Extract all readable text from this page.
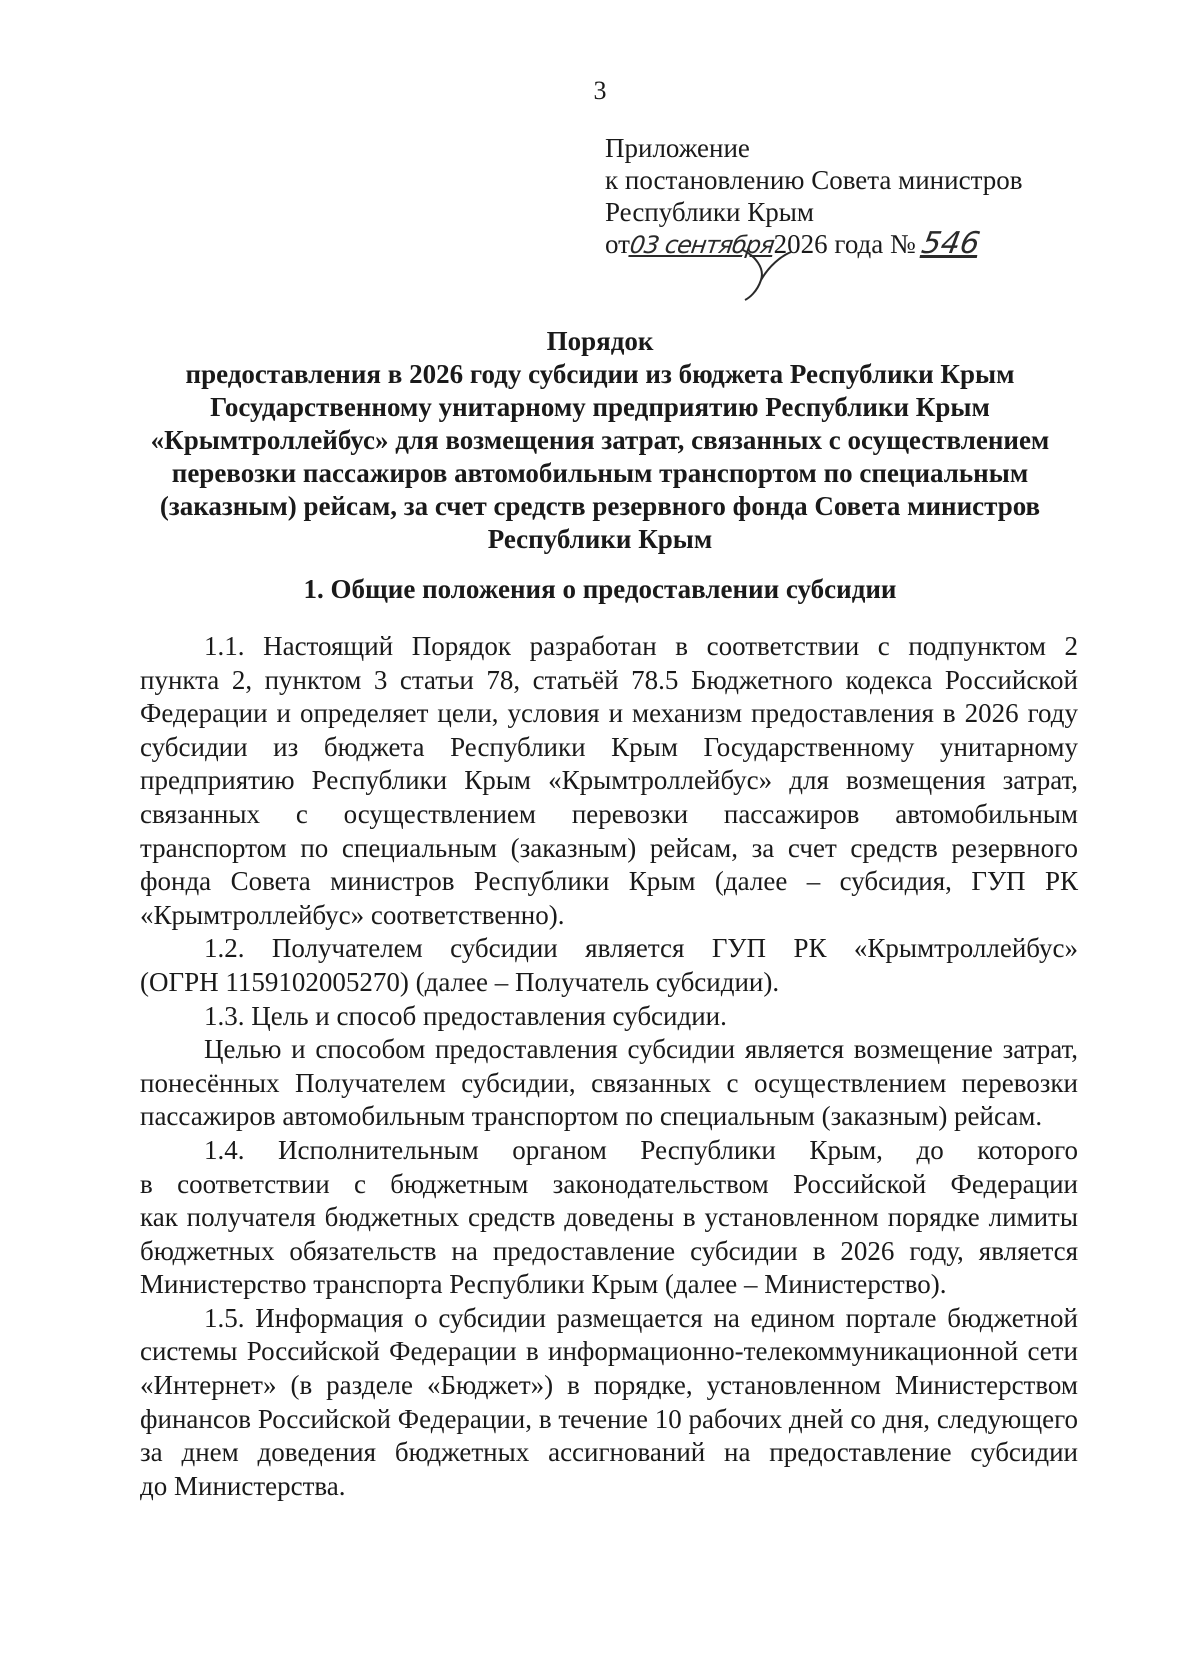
3
Приложение
к постановлению Совета министров
Республики Крым
от03 сентября2026 года № 546
Порядок
предоставления в 2026 году субсидии из бюджета Республики Крым
Государственному унитарному предприятию Республики Крым
«Крымтроллейбус» для возмещения затрат, связанных с осуществлением
перевозки пассажиров автомобильным транспортом по специальным
(заказным) рейсам, за счет средств резервного фонда Совета министров
Республики Крым
1. Общие положения о предоставлении субсидии

1.1. Настоящий Порядок разработан в соответствии с подпунктом 2
пункта 2, пунктом 3 статьи 78, статьёй 78.5 Бюджетного кодекса Российской
Федерации и определяет цели, условия и механизм предоставления в 2026 году
субсидии из бюджета Республики Крым Государственному унитарному
предприятию Республики Крым «Крымтроллейбус» для возмещения затрат,
связанных с осуществлением перевозки пассажиров автомобильным
транспортом по специальным (заказным) рейсам, за счет средств резервного
фонда Совета министров Республики Крым (далее – субсидия, ГУП РК
«Крымтроллейбус» соответственно).

1.2. Получателем субсидии является ГУП РК «Крымтроллейбус»
(ОГРН 1159102005270) (далее – Получатель субсидии).

1.3. Цель и способ предоставления субсидии.

Целью и способом предоставления субсидии является возмещение затрат,
понесённых Получателем субсидии, связанных с осуществлением перевозки
пассажиров автомобильным транспортом по специальным (заказным) рейсам.

1.4. Исполнительным органом Республики Крым, до которого
в соответствии с бюджетным законодательством Российской Федерации
как получателя бюджетных средств доведены в установленном порядке лимиты
бюджетных обязательств на предоставление субсидии в 2026 году, является
Министерство транспорта Республики Крым (далее – Министерство).

1.5. Информация о субсидии размещается на едином портале бюджетной
системы Российской Федерации в информационно-телекоммуникационной сети
«Интернет» (в разделе «Бюджет») в порядке, установленном Министерством
финансов Российской Федерации, в течение 10 рабочих дней со дня, следующего
за днем доведения бюджетных ассигнований на предоставление субсидии
до Министерства.
